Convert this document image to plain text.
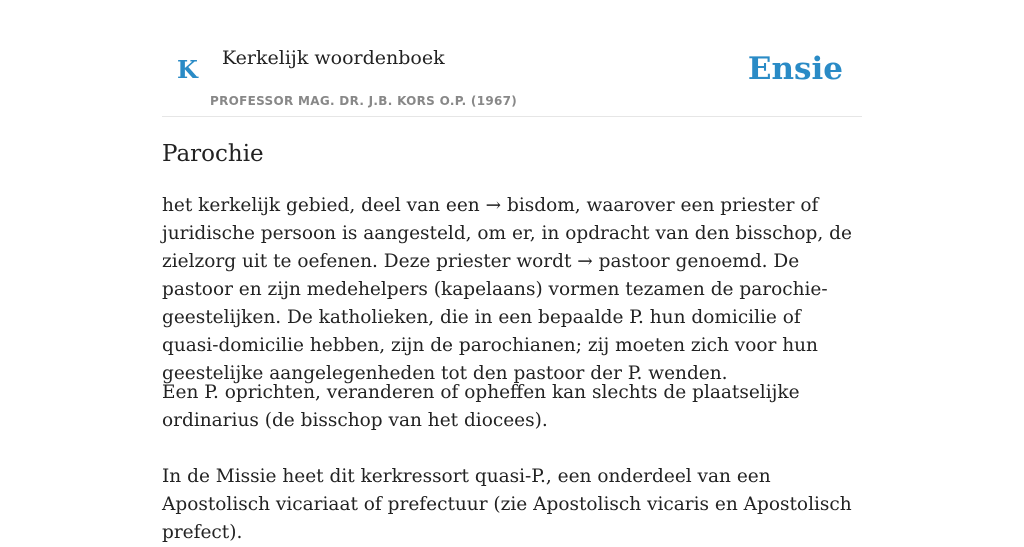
K Kerkelijk woordenboek
PROFESSOR MAG. DR. J.B. KORS O.P. (1967)
Ensie
Parochie

het kerkelijk gebied, deel van een → bisdom, waarover een priester of juridische persoon is aangesteld, om er, in opdracht van den bisschop, de zielzorg uit te oefenen. Deze priester wordt → pastoor genoemd. De pastoor en zijn medehelpers (kapelaans) vormen tezamen de parochie-geestelijken. De katholieken, die in een bepaalde P. hun domicilie of quasi-domicilie hebben, zijn de parochianen; zij moeten zich voor hun geestelijke aangelegenheden tot den pastoor der P. wenden.

Een P. oprichten, veranderen of opheffen kan slechts de plaatselijke ordinarius (de bisschop van het diocees).

In de Missie heet dit kerkressort quasi-P., een onderdeel van een Apostolisch vicariaat of prefectuur (zie Apostolisch vicaris en Apostolisch prefect).
